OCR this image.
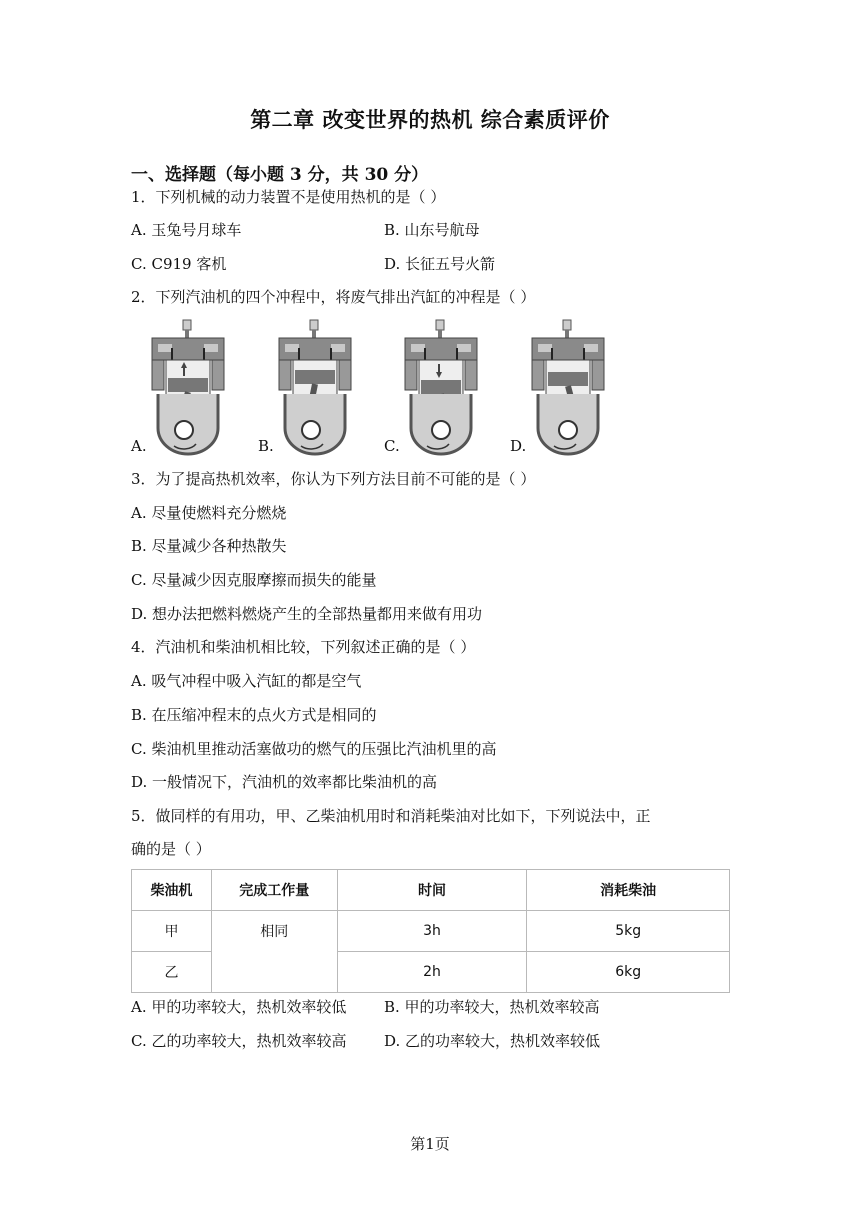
第二章 改变世界的热机 综合素质评价
一、选择题（每小题 3 分，共 30 分）
1．下列机械的动力装置不是使用热机的是（ ）
A. 玉兔号月球车	B. 山东号航母
C. C919 客机	D. 长征五号火箭
2．下列汽油机的四个冲程中，将废气排出汽缸的冲程是（ ）
A.	B.	C.	D.
3．为了提高热机效率，你认为下列方法目前不可能的是（ ）
A. 尽量使燃料充分燃烧
B. 尽量减少各种热散失
C. 尽量减少因克服摩擦而损失的能量
D. 想办法把燃料燃烧产生的全部热量都用来做有用功
4．汽油机和柴油机相比较，下列叙述正确的是（ ）
A. 吸气冲程中吸入汽缸的都是空气
B. 在压缩冲程末的点火方式是相同的
C. 柴油机里推动活塞做功的燃气的压强比汽油机里的高
D. 一般情况下，汽油机的效率都比柴油机的高
5．做同样的有用功，甲、乙柴油机用时和消耗柴油对比如下，下列说法中，正
确的是（ ）
柴油机	完成工作量	时间	消耗柴油
甲	相同	3h	5kg
乙		2h	6kg
A. 甲的功率较大，热机效率较低	B. 甲的功率较大，热机效率较高
C. 乙的功率较大，热机效率较高	D. 乙的功率较大，热机效率较低
第1页
